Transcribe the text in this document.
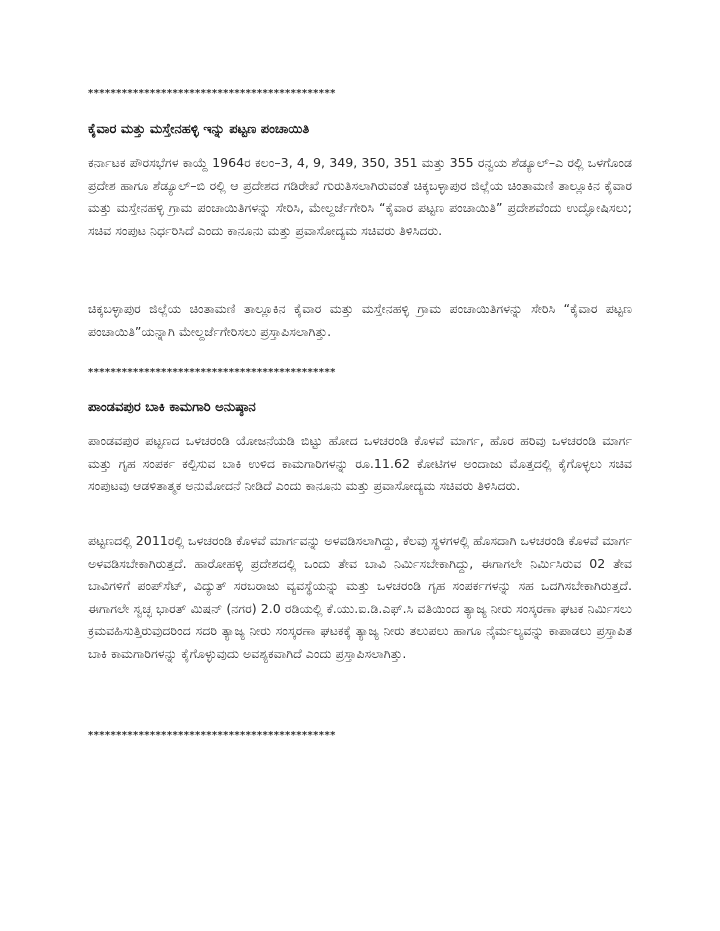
********************************************
ಕೈವಾರ ಮತ್ತು ಮಸ್ತೇನಹಳ್ಳಿ ಇನ್ನು ಪಟ್ಟಣ ಪಂಚಾಯಿತಿ

ಕರ್ನಾಟಕ ಪೌರಸಭೆಗಳ ಕಾಯ್ದೆ 1964ರ ಕಲಂ–3, 4, 9, 349, 350, 351 ಮತ್ತು 355 ರನ್ವಯ ಶೆಡ್ಯೂಲ್–ಎ ರಲ್ಲಿ ಒಳಗೊಂಡ ಪ್ರದೇಶ ಹಾಗೂ ಶೆಡ್ಯೂಲ್–ಬಿ ರಲ್ಲಿ ಆ ಪ್ರದೇಶದ ಗಡಿರೇಖೆ ಗುರುತಿಸಲಾಗಿರುವಂತೆ ಚಿಕ್ಕಬಳ್ಳಾಪುರ ಜಿಲ್ಲೆಯ ಚಿಂತಾಮಣಿ ತಾಲ್ಲೂಕಿನ ಕೈವಾರ ಮತ್ತು ಮಸ್ತೇನಹಳ್ಳಿ ಗ್ರಾಮ ಪಂಚಾಯಿತಿಗಳನ್ನು ಸೇರಿಸಿ, ಮೇಲ್ದರ್ಜೆಗೇರಿಸಿ “ಕೈವಾರ ಪಟ್ಟಣ ಪಂಚಾಯಿತಿ” ಪ್ರದೇಶವೆಂದು ಉದ್ಘೋಷಿಸಲು; ಸಚಿವ ಸಂಪುಟ ನಿರ್ಧರಿಸಿದೆ ಎಂದು ಕಾನೂನು ಮತ್ತು ಪ್ರವಾಸೋದ್ಯಮ ಸಚಿವರು ತಿಳಿಸಿದರು.

ಚಿಕ್ಕಬಳ್ಳಾಪುರ ಜಿಲ್ಲೆಯ ಚಿಂತಾಮಣಿ ತಾಲ್ಲೂಕಿನ ಕೈವಾರ ಮತ್ತು ಮಸ್ತೇನಹಳ್ಳಿ ಗ್ರಾಮ ಪಂಚಾಯಿತಿಗಳನ್ನು ಸೇರಿಸಿ “ಕೈವಾರ ಪಟ್ಟಣ ಪಂಚಾಯಿತಿ”ಯನ್ನಾಗಿ ಮೇಲ್ದರ್ಜೆಗೇರಿಸಲು ಪ್ರಸ್ತಾಪಿಸಲಾಗಿತ್ತು.

********************************************
ಪಾಂಡವಪುರ ಬಾಕಿ ಕಾಮಗಾರಿ ಅನುಷ್ಠಾನ

ಪಾಂಡವಪುರ ಪಟ್ಟಣದ ಒಳಚರಂಡಿ ಯೋಜನೆಯಡಿ ಬಿಟ್ಟು ಹೋದ ಒಳಚರಂಡಿ ಕೊಳವೆ ಮಾರ್ಗ, ಹೊರ ಹರಿವು ಒಳಚರಂಡಿ ಮಾರ್ಗ ಮತ್ತು ಗೃಹ ಸಂಪರ್ಕ ಕಲ್ಪಿಸುವ ಬಾಕಿ ಉಳಿದ ಕಾಮಗಾರಿಗಳನ್ನು ರೂ.11.62 ಕೋಟಿಗಳ ಅಂದಾಜು ಮೊತ್ತದಲ್ಲಿ ಕೈಗೊಳ್ಳಲು ಸಚಿವ ಸಂಪುಟವು ಆಡಳಿತಾತ್ಮಕ ಅನುಮೋದನೆ ನೀಡಿದೆ ಎಂದು ಕಾನೂನು ಮತ್ತು ಪ್ರವಾಸೋದ್ಯಮ ಸಚಿವರು ತಿಳಿಸಿದರು.

ಪಟ್ಟಣದಲ್ಲಿ 2011ರಲ್ಲಿ ಒಳಚರಂಡಿ ಕೊಳವೆ ಮಾರ್ಗವನ್ನು ಅಳವಡಿಸಲಾಗಿದ್ದು, ಕೆಲವು ಸ್ಥಳಗಳಲ್ಲಿ ಹೊಸದಾಗಿ ಒಳಚರಂಡಿ ಕೊಳವೆ ಮಾರ್ಗ ಅಳವಡಿಸಬೇಕಾಗಿರುತ್ತದೆ. ಹಾರೋಹಳ್ಳಿ ಪ್ರದೇಶದಲ್ಲಿ ಒಂದು ತೇವ ಬಾವಿ ನಿರ್ಮಿಸಬೇಕಾಗಿದ್ದು, ಈಗಾಗಲೇ ನಿರ್ಮಿಸಿರುವ 02 ತೇವ ಬಾವಿಗಳಿಗೆ ಪಂಪ್‌ಸೆಟ್, ವಿದ್ಯುತ್ ಸರಬರಾಜು ವ್ಯವಸ್ಥೆಯನ್ನು ಮತ್ತು ಒಳಚರಂಡಿ ಗೃಹ ಸಂಪರ್ಕಗಳನ್ನು ಸಹ ಒದಗಿಸಬೇಕಾಗಿರುತ್ತದೆ. ಈಗಾಗಲೇ ಸ್ವಚ್ಛ ಭಾರತ್ ಮಿಷನ್ (ನಗರ) 2.0 ರಡಿಯಲ್ಲಿ ಕೆ.ಯು.ಐ.ಡಿ.ಎಫ್.ಸಿ ವತಿಯಿಂದ ತ್ಯಾಜ್ಯ ನೀರು ಸಂಸ್ಕರಣಾ ಘಟಕ ನಿರ್ಮಿಸಲು ಕ್ರಮವಹಿಸುತ್ತಿರುವುದರಿಂದ ಸದರಿ ತ್ಯಾಜ್ಯ ನೀರು ಸಂಸ್ಕರಣಾ ಘಟಕಕ್ಕೆ ತ್ಯಾಜ್ಯ ನೀರು ತಲುಪಲು ಹಾಗೂ ನೈರ್ಮಲ್ಯವನ್ನು ಕಾಪಾಡಲು ಪ್ರಸ್ತಾಪಿತ ಬಾಕಿ ಕಾಮಗಾರಿಗಳನ್ನು ಕೈಗೊಳ್ಳುವುದು ಅವಶ್ಯಕವಾಗಿದೆ ಎಂದು ಪ್ರಸ್ತಾಪಿಸಲಾಗಿತ್ತು.

********************************************
